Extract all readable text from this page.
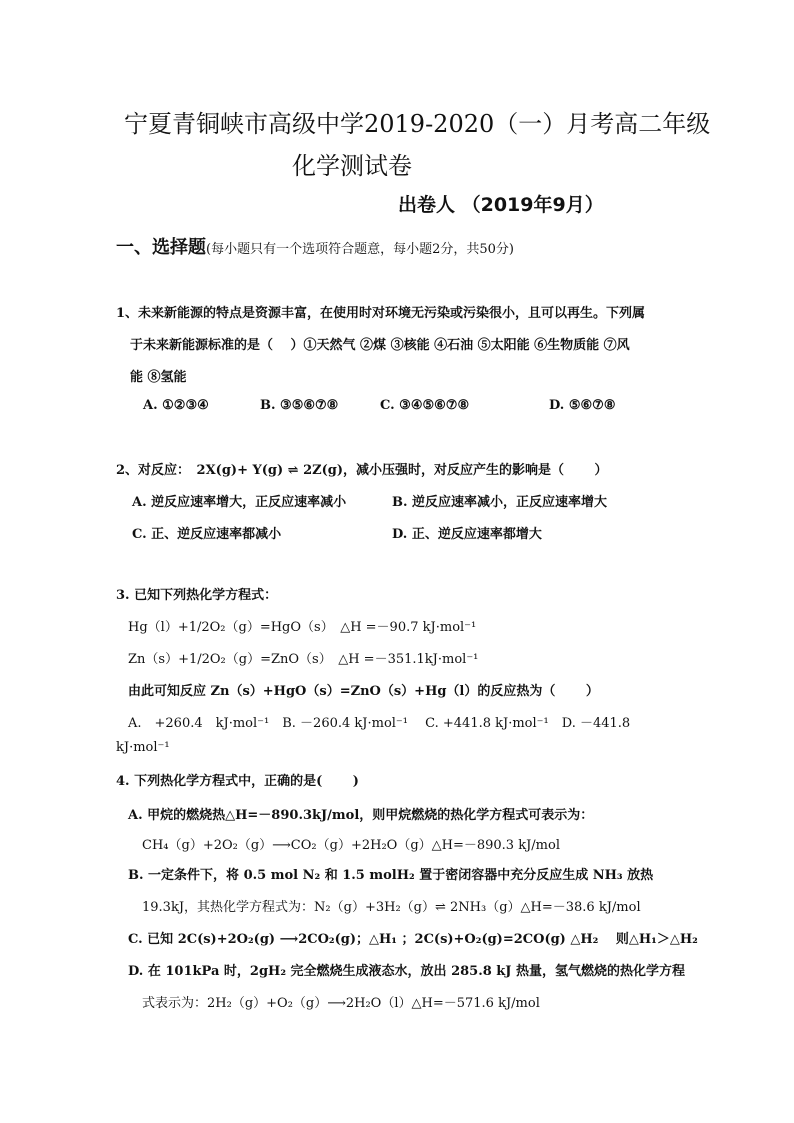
宁夏青铜峡市高级中学2019-2020（一）月考高二年级
化学测试卷
出卷人 （2019年9月）
一、选择题(每小题只有一个选项符合题意，每小题2分，共50分)
1、未来新能源的特点是资源丰富，在使用时对环境无污染或污染很小，且可以再生。下列属
于未来新能源标准的是（　 ）①天然气 ②煤 ③核能 ④石油 ⑤太阳能 ⑥生物质能 ⑦风
能 ⑧氢能
A. ①②③④	B. ③⑤⑥⑦⑧	C. ③④⑤⑥⑦⑧	D. ⑤⑥⑦⑧
2、对反应：　2X(g)+ Y(g) ⇌ 2Z(g)，减小压强时，对反应产生的影响是（　　 ）
A. 逆反应速率增大，正反应速率减小	B. 逆反应速率减小，正反应速率增大
C. 正、逆反应速率都减小	D. 正、逆反应速率都增大
3. 已知下列热化学方程式：
Hg（l）+1/2O₂（g）=HgO（s）　△H =－90.7 kJ·mol⁻¹
Zn（s）+1/2O₂（g）=ZnO（s）　△H =－351.1kJ·mol⁻¹
由此可知反应 Zn（s）+HgO（s）=ZnO（s）+Hg（l）的反应热为（　　 ）
A.　+260.4　kJ·mol⁻¹　B. －260.4 kJ·mol⁻¹　 C. +441.8 kJ·mol⁻¹　D. －441.8
kJ·mol⁻¹
4. 下列热化学方程式中，正确的是(　　 )
A. 甲烷的燃烧热△H=－890.3kJ/mol，则甲烷燃烧的热化学方程式可表示为：
CH₄（g）+2O₂（g）⟶CO₂（g）+2H₂O（g）△H=－890.3 kJ/mol
B. 一定条件下，将 0.5 mol N₂ 和 1.5 molH₂ 置于密闭容器中充分反应生成 NH₃ 放热
19.3kJ，其热化学方程式为：N₂（g）+3H₂（g）⇌ 2NH₃（g）△H=－38.6 kJ/mol
C. 已知 2C(s)+2O₂(g) ⟶2CO₂(g)；△H₁ ；2C(s)+O₂(g)=2CO(g) △H₂　 则△H₁＞△H₂
D. 在 101kPa 时，2gH₂ 完全燃烧生成液态水，放出 285.8 kJ 热量，氢气燃烧的热化学方程
式表示为：2H₂（g）+O₂（g）⟶2H₂O（l）△H=－571.6 kJ/mol
